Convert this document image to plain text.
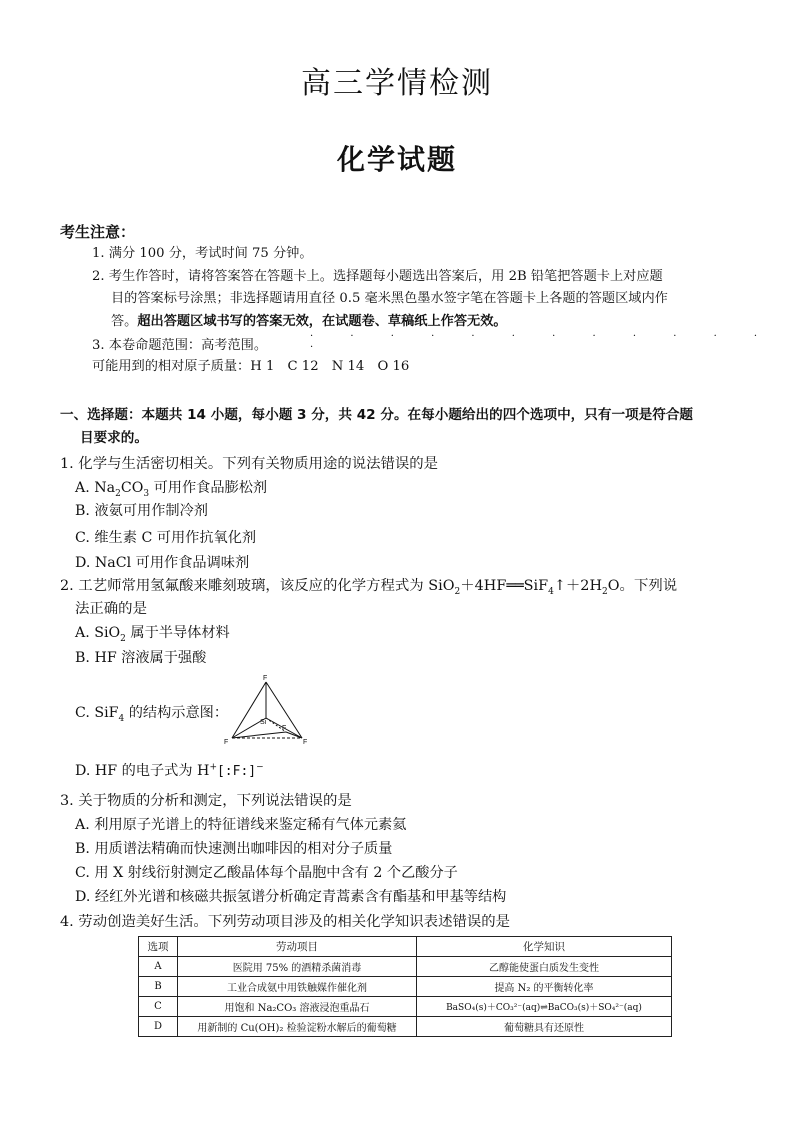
高三学情检测
化学试题
考生注意：
1. 满分 100 分，考试时间 75 分钟。
2. 考生作答时，请将答案答在答题卡上。选择题每小题选出答案后，用 2B 铅笔把答题卡上对应题
目的答案标号涂黑；非选择题请用直径 0.5 毫米黑色墨水签字笔在答题卡上各题的答题区域内作
答。超出答题区域书写的答案无效，在试题卷、草稿纸上作答无效。
· · · · · · · · · · · · ·
3. 本卷命题范围：高考范围。
可能用到的相对原子质量：H 1　C 12　N 14　O 16
一、选择题：本题共 14 小题，每小题 3 分，共 42 分。在每小题给出的四个选项中，只有一项是符合题
目要求的。
1. 化学与生活密切相关。下列有关物质用途的说法错误的是
A. $Na_2CO_3$ 可用作食品膨松剂
B. 液氨可用作制冷剂
C. 维生素 C 可用作抗氧化剂
D. NaCl 可用作食品调味剂
2. 工艺师常用氢氟酸来雕刻玻璃，该反应的化学方程式为 $SiO_2+4HF══SiF_4↑+2H_2O$。下列说
法正确的是
A. SiO$_2$ 属于半导体材料
B. HF 溶液属于强酸
C. SiF$_4$ 的结构示意图：
F
F	F
F
Si
D. HF 的电子式为 H+[:F:]−
3. 关于物质的分析和测定，下列说法错误的是
A. 利用原子光谱上的特征谱线来鉴定稀有气体元素氦
B. 用质谱法精确而快速测出咖啡因的相对分子质量
C. 用 X 射线衍射测定乙酸晶体每个晶胞中含有 2 个乙酸分子
D. 经红外光谱和核磁共振氢谱分析确定青蒿素含有酯基和甲基等结构
4. 劳动创造美好生活。下列劳动项目涉及的相关化学知识表述错误的是
选项	劳动项目	化学知识
A	医院用 75% 的酒精杀菌消毒	乙醇能使蛋白质发生变性
B	工业合成氨中用铁触媒作催化剂	提高 N₂ 的平衡转化率
C	用饱和 Na₂CO₃ 溶液浸泡重晶石	BaSO₄(s)＋CO₃²⁻(aq)⇌BaCO₃(s)＋SO₄²⁻(aq)
D	用新制的 Cu(OH)₂ 检验淀粉水解后的葡萄糖	葡萄糖具有还原性
